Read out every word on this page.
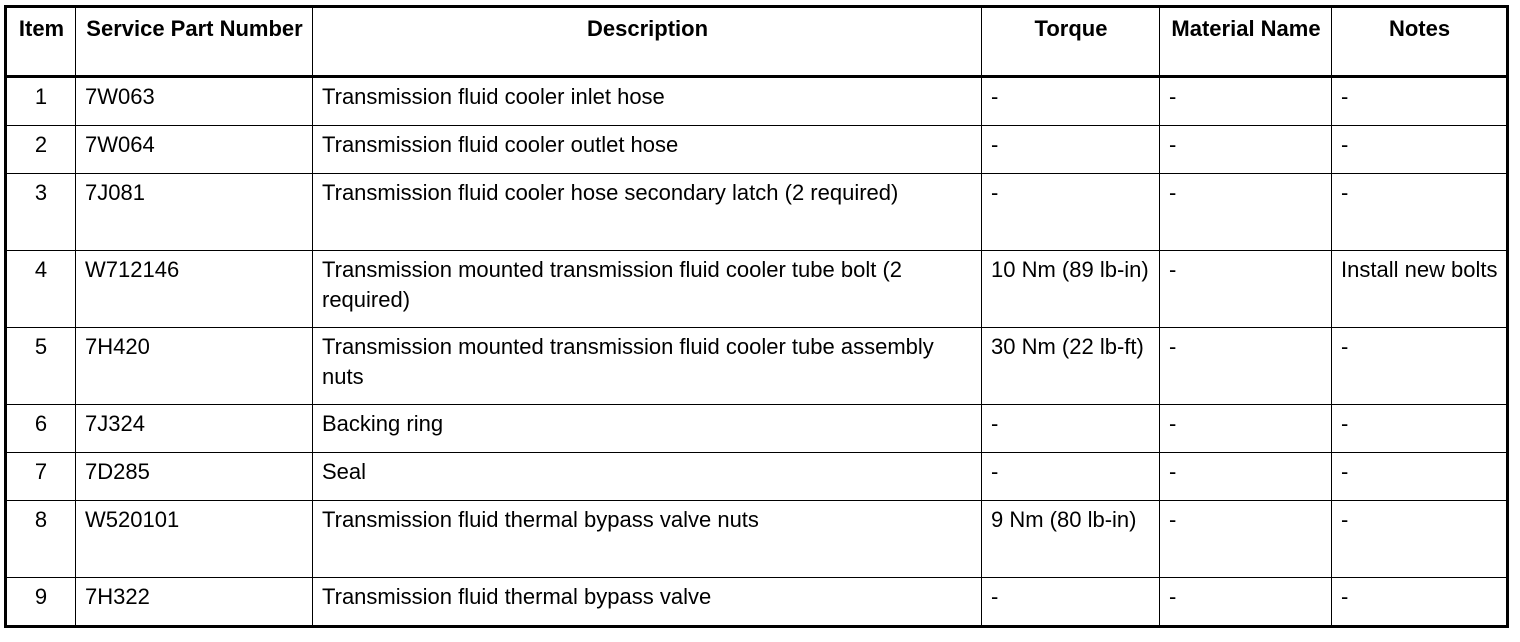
Item	Service Part Number	Description	Torque	Material Name	Notes
1	7W063	Transmission fluid cooler inlet hose	-	-	-
2	7W064	Transmission fluid cooler outlet hose	-	-	-
3	7J081	Transmission fluid cooler hose secondary latch (2 required)	-	-	-
4	W712146	Transmission mounted transmission fluid cooler tube bolt (2 required)	10 Nm (89 lb-in)	-	Install new bolts
5	7H420	Transmission mounted transmission fluid cooler tube assembly nuts	30 Nm (22 lb-ft)	-	-
6	7J324	Backing ring	-	-	-
7	7D285	Seal	-	-	-
8	W520101	Transmission fluid thermal bypass valve nuts	9 Nm (80 lb-in)	-	-
9	7H322	Transmission fluid thermal bypass valve	-	-	-
